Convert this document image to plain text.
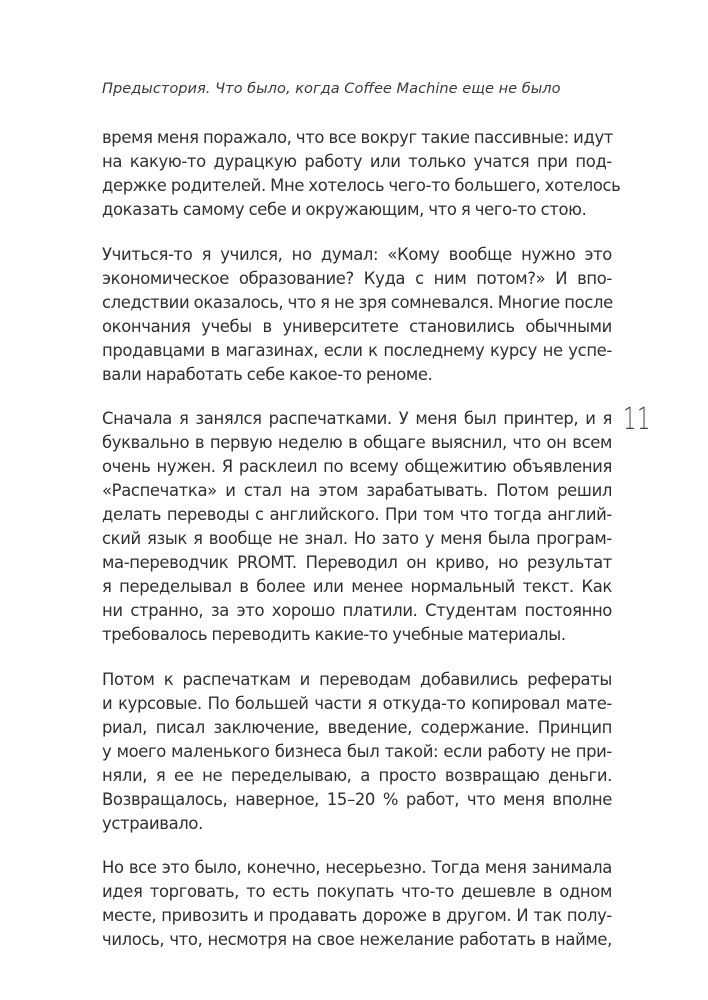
Предыстория. Что было, когда Coffee Machine еще не было
11
время меня поражало, что все вокруг такие пассивные: идут
на какую-то дурацкую работу или только учатся при под-
держке родителей. Мне хотелось чего-то большего, хотелось
доказать самому себе и окружающим, что я чего-то стою.
Учиться-то я учился, но думал: «Кому вообще нужно это
экономическое образование? Куда с ним потом?» И впо-
следствии оказалось, что я не зря сомневался. Многие после
окончания учебы в университете становились обычными
продавцами в магазинах, если к последнему курсу не успе-
вали наработать себе какое-то реноме.
Сначала я занялся распечатками. У меня был принтер, и я
буквально в первую неделю в общаге выяснил, что он всем
очень нужен. Я расклеил по всему общежитию объявления
«Распечатка» и стал на этом зарабатывать. Потом решил
делать переводы с английского. При том что тогда англий-
ский язык я вообще не знал. Но зато у меня была програм-
ма-переводчик PROMT. Переводил он криво, но результат
я переделывал в более или менее нормальный текст. Как
ни странно, за это хорошо платили. Студентам постоянно
требовалось переводить какие-то учебные материалы.
Потом к распечаткам и переводам добавились рефераты
и курсовые. По большей части я откуда-то копировал мате-
риал, писал заключение, введение, содержание. Принцип
у моего маленького бизнеса был такой: если работу не при-
няли, я ее не переделываю, а просто возвращаю деньги.
Возвращалось, наверное, 15–20 % работ, что меня вполне
устраивало.
Но все это было, конечно, несерьезно. Тогда меня занимала
идея торговать, то есть покупать что-то дешевле в одном
месте, привозить и продавать дороже в другом. И так полу-
чилось, что, несмотря на свое нежелание работать в найме,
